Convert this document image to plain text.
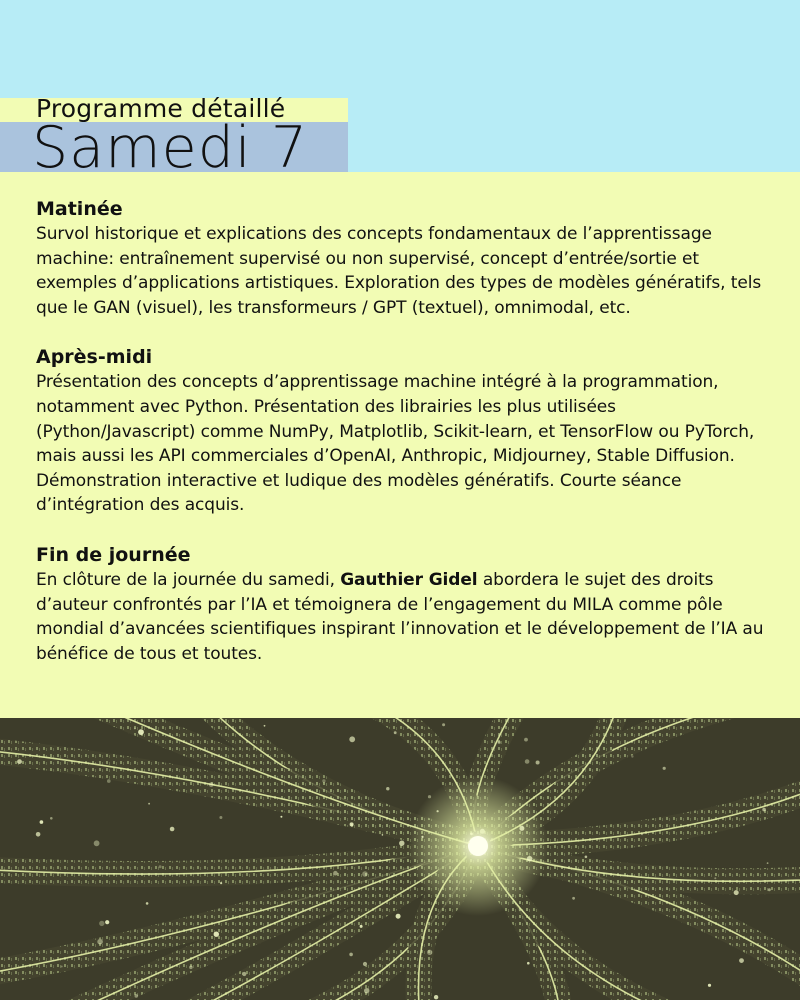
Programme détaillé
Samedi 7
Matinée

Survol historique et explications des concepts fondamentaux de l’apprentissage machine: entraînement supervisé ou non supervisé, concept d’entrée/sortie et exemples d’applications artistiques. Exploration des types de modèles génératifs, tels que le GAN (visuel), les transformeurs / GPT (textuel), omnimodal, etc.

Après-midi

Présentation des concepts d’apprentissage machine intégré à la programmation, notamment avec Python. Présentation des librairies les plus utilisées (Python/Javascript) comme NumPy, Matplotlib, Scikit-learn, et TensorFlow ou PyTorch, mais aussi les API commerciales d’OpenAI, Anthropic, Midjourney, Stable Diffusion. Démonstration interactive et ludique des modèles génératifs. Courte séance d’intégration des acquis.

Fin de journée

En clôture de la journée du samedi, Gauthier Gidel abordera le sujet des droits d’auteur confrontés par l’IA et témoignera de l’engagement du MILA comme pôle mondial d’avancées scientifiques inspirant l’innovation et le développement de l’IA au bénéfice de tous et toutes.
